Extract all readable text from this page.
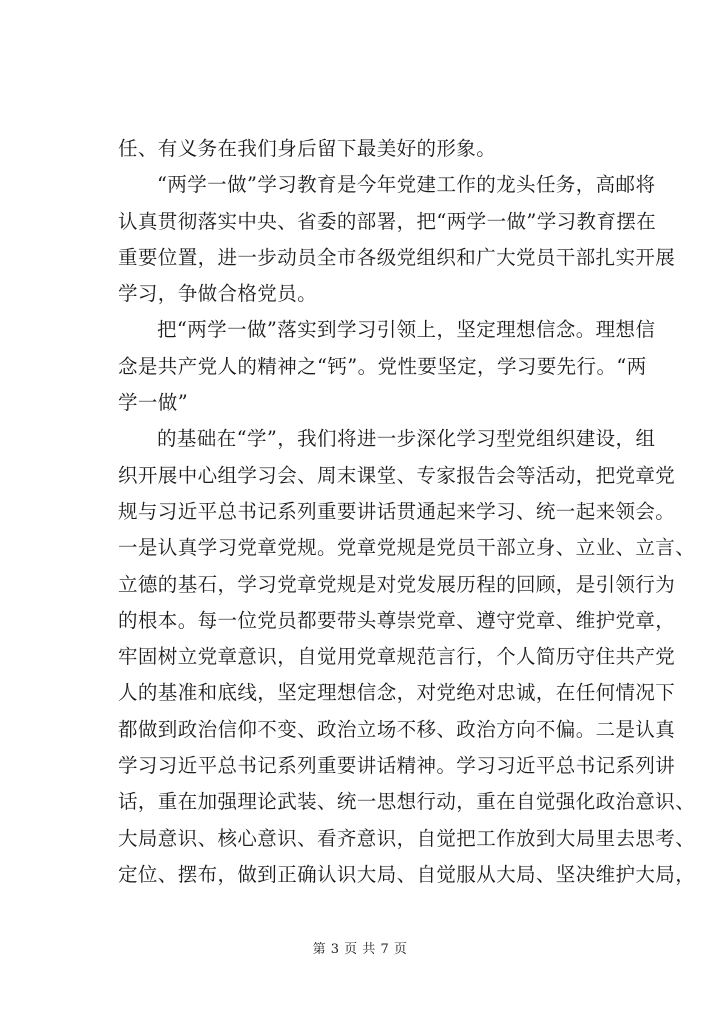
任、有义务在我们身后留下最美好的形象。
“两学一做”学习教育是今年党建工作的龙头任务，高邮将
认真贯彻落实中央、省委的部署，把“两学一做”学习教育摆在
重要位置，进一步动员全市各级党组织和广大党员干部扎实开展
学习，争做合格党员。
把“两学一做”落实到学习引领上，坚定理想信念。理想信
念是共产党人的精神之“钙”。党性要坚定，学习要先行。“两
学一做”
的基础在“学”，我们将进一步深化学习型党组织建设，组
织开展中心组学习会、周末课堂、专家报告会等活动，把党章党
规与习近平总书记系列重要讲话贯通起来学习、统一起来领会。
一是认真学习党章党规。党章党规是党员干部立身、立业、立言、
立德的基石，学习党章党规是对党发展历程的回顾，是引领行为
的根本。每一位党员都要带头尊崇党章、遵守党章、维护党章，
牢固树立党章意识，自觉用党章规范言行，个人简历守住共产党
人的基准和底线，坚定理想信念，对党绝对忠诚，在任何情况下
都做到政治信仰不变、政治立场不移、政治方向不偏。二是认真
学习习近平总书记系列重要讲话精神。学习习近平总书记系列讲
话，重在加强理论武装、统一思想行动，重在自觉强化政治意识、
大局意识、核心意识、看齐意识，自觉把工作放到大局里去思考、
定位、摆布，做到正确认识大局、自觉服从大局、坚决维护大局，
第 3 页 共 7 页
